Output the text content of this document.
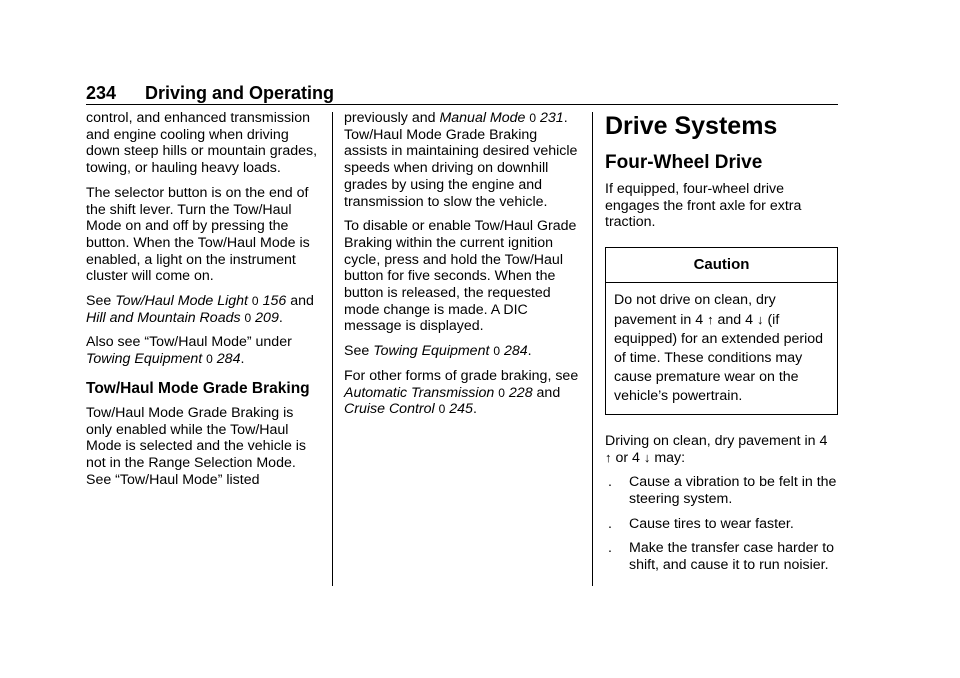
234 Driving and Operating

control, and enhanced transmission and engine cooling when driving down steep hills or mountain grades, towing, or hauling heavy loads.

The selector button is on the end of the shift lever. Turn the Tow/Haul Mode on and off by pressing the button. When the Tow/Haul Mode is enabled, a light on the instrument cluster will come on.

See Tow/Haul Mode Light 0 156 and Hill and Mountain Roads 0 209.

Also see “Tow/Haul Mode” under Towing Equipment 0 284.

Tow/Haul Mode Grade Braking

Tow/Haul Mode Grade Braking is only enabled while the Tow/Haul Mode is selected and the vehicle is not in the Range Selection Mode. See “Tow/Haul Mode” listed

previously and Manual Mode 0 231. Tow/Haul Mode Grade Braking assists in maintaining desired vehicle speeds when driving on downhill grades by using the engine and transmission to slow the vehicle.

To disable or enable Tow/Haul Grade Braking within the current ignition cycle, press and hold the Tow/Haul button for five seconds. When the button is released, the requested mode change is made. A DIC message is displayed.

See Towing Equipment 0 284.

For other forms of grade braking, see Automatic Transmission 0 228 and Cruise Control 0 245.

Drive Systems
Four-Wheel Drive

If equipped, four-wheel drive engages the front axle for extra traction.

Caution
Do not drive on clean, dry pavement in 4 ↑ and 4 ↓ (if equipped) for an extended period of time. These conditions may cause premature wear on the vehicle’s powertrain.

Driving on clean, dry pavement in 4
↑ or 4 ↓ may:

. Cause a vibration to be felt in the steering system.
. Cause tires to wear faster.
. Make the transfer case harder to shift, and cause it to run noisier.
